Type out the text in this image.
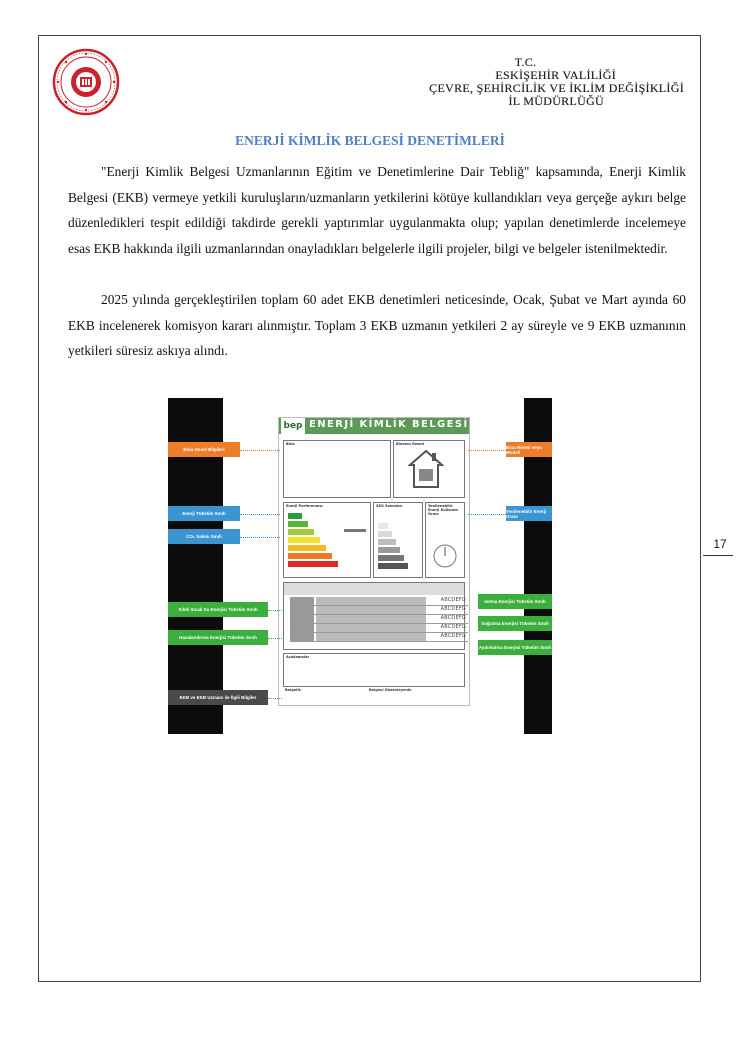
T.C.
ESKİŞEHİR VALİLİĞİ
ÇEVRE, ŞEHİRCİLİK VE İKLİM DEĞİŞİKLİĞİ
İL MÜDÜRLÜĞÜ
ENERJİ KİMLİK BELGESİ DENETİMLERİ

"Enerji Kimlik Belgesi Uzmanlarının Eğitim ve Denetimlerine Dair Tebliğ" kapsamında, Enerji Kimlik Belgesi (EKB) vermeye yetkili kuruluşların/uzmanların yetkilerini kötüye kullandıkları veya gerçeğe aykırı belge düzenledikleri tespit edildiği takdirde gerekli yaptırımlar uygulanmakta olup; yapılan denetimlerde incelemeye esas EKB hakkında ilgili uzmanlarından onayladıkları belgelerle ilgili projeler, bilgi ve belgeler istenilmektedir.

2025 yılında gerçekleştirilen toplam 60 adet EKB denetimleri neticesinde, Ocak, Şubat ve Mart ayında 60 EKB incelenerek komisyon kararı alınmıştır. Toplam 3 EKB uzmanın yetkileri 2 ay süreyle ve 9 EKB uzmanının yetkileri süresiz askıya alındı.

17
bep ENERJİ KİMLİK BELGESİ
Bina	Binanın Resmi
Enerji Performansı	SEG Salımları	Yenilenebilir Enerji Kullanım Oranı
ABCDEFG
ABCDEFG
ABCDEFG
ABCDEFG
ABCDEFG
Açıklamalar
Belgelik	Belgeyi Düzenleyenin
Bina Genel Bilgileri
Enerji Tüketim Sınıfı
CO₂ Salımı Sınıfı
Sıhhi Sıcak Su Enerjisi Tüketim Sınıfı
Havalandırma Enerjisi Tüketim Sınıfı
EKB ve EKB Uzmanı ile İlgili Bilgiler
Bina Resmi veya Modeli
Yenilenebilir Enerji Oranı
Isıtma Enerjisi Tüketim Sınıfı
Soğutma Enerjisi Tüketim Sınıfı
Aydınlatma Enerjisi Tüketim Sınıfı
